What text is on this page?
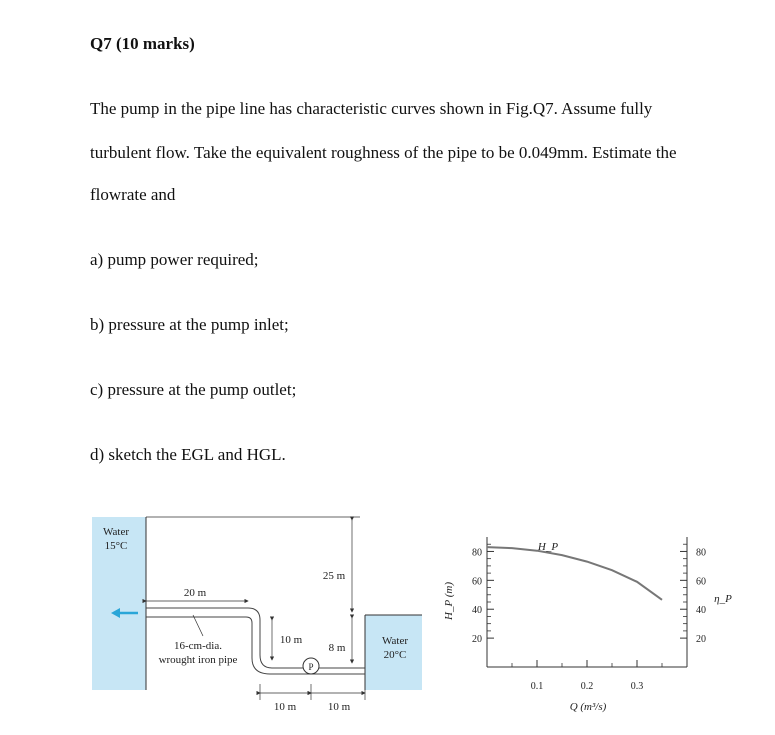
Q7 (10 marks)
The pump in the pipe line has characteristic curves shown in Fig.Q7. Assume fully
turbulent flow. Take the equivalent roughness of the pipe to be 0.049mm. Estimate the
flowrate and
a) pump power required;
b) pressure at the pump inlet;
c) pressure at the pump outlet;
d) sketch the EGL and HGL.
Water
15°C
Water
20°C
P
20 m
25 m
10 m
8 m
10 m	10 m
16-cm-dia.
wrought iron pipe
H_P (m)	η_P
Q (m³/s)
H_P
20
40
60
80
20
40
60
80
0.1	0.2	0.3
